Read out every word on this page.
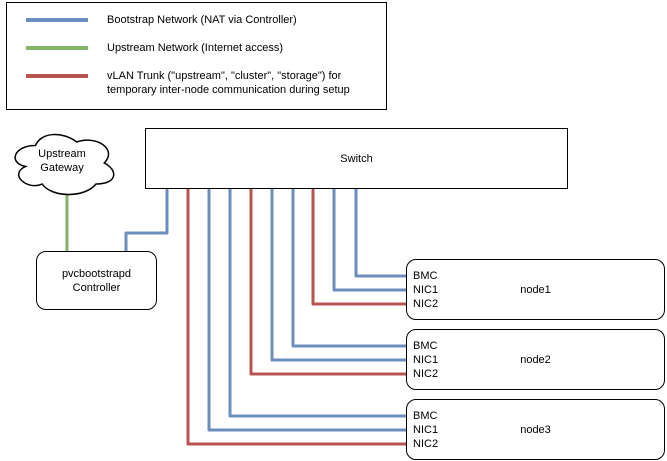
Bootstrap Network (NAT via Controller)
Upstream Network (Internet access)
vLAN Trunk ("upstream", "cluster", "storage") for temporary inter-node communication during setup
Upstream Gateway
Switch
pvcbootstrapd Controller
BMC
NIC1
NIC2
node1
BMC
NIC1
NIC2
node2
BMC
NIC1
NIC2
node3
